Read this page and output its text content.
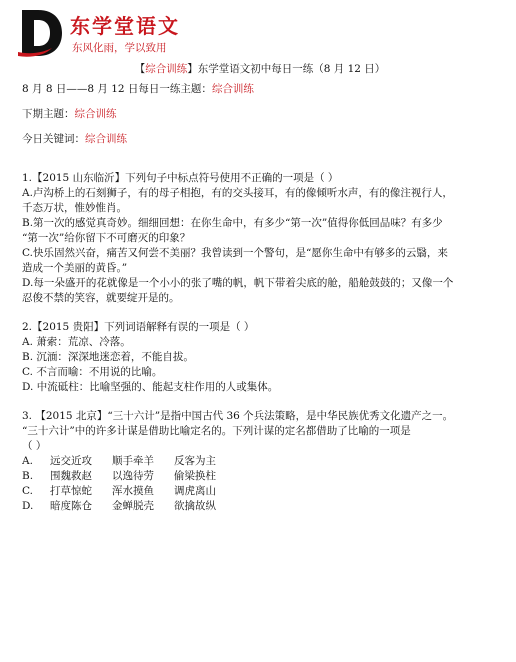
东学堂语文
东风化雨，学以致用
【综合训练】东学堂语文初中每日一练（8 月 12 日）
8 月 8 日——8 月 12 日每日一练主题：综合训练
下期主题：综合训练
今日关键词：综合训练
1.【2015 山东临沂】下列句子中标点符号使用不正确的一项是（ ）
A.卢沟桥上的石刻狮子，有的母子相抱，有的交头接耳，有的像倾听水声，有的像注视行人，
千态万状，惟妙惟肖。
B.第一次的感觉真奇妙。细细回想：在你生命中，有多少“第一次”值得你低回品味？有多少
“第一次”给你留下不可磨灭的印象？
C.快乐固然兴奋，痛苦又何尝不美丽？我曾读到一个警句，是“愿你生命中有够多的云翳，来
造成一个美丽的黄昏。”
D.每一朵盛开的花就像是一个小小的张了嘴的帆，帆下带着尖底的舱，船舱鼓鼓的；又像一个
忍俊不禁的笑容，就要绽开是的。
2.【2015 贵阳】下列词语解释有误的一项是（ ）
A. 萧索：荒凉、冷落。
B. 沉湎：深深地迷恋着，不能自拔。
C. 不言而喻：不用说的比喻。
D. 中流砥柱：比喻坚强的、能起支柱作用的人或集体。
3. 【2015 北京】“三十六计”是指中国古代 36 个兵法策略，是中华民族优秀文化遗产之一。
“三十六计”中的许多计谋是借助比喻定名的。下列计谋的定名都借助了比喻的一项是
（ ）
A.	远交近攻	顺手牵羊	反客为主
B.	围魏救赵	以逸待劳	偷梁换柱
C.	打草惊蛇	浑水摸鱼	调虎离山
D.	暗度陈仓	金蝉脱壳	欲擒故纵
